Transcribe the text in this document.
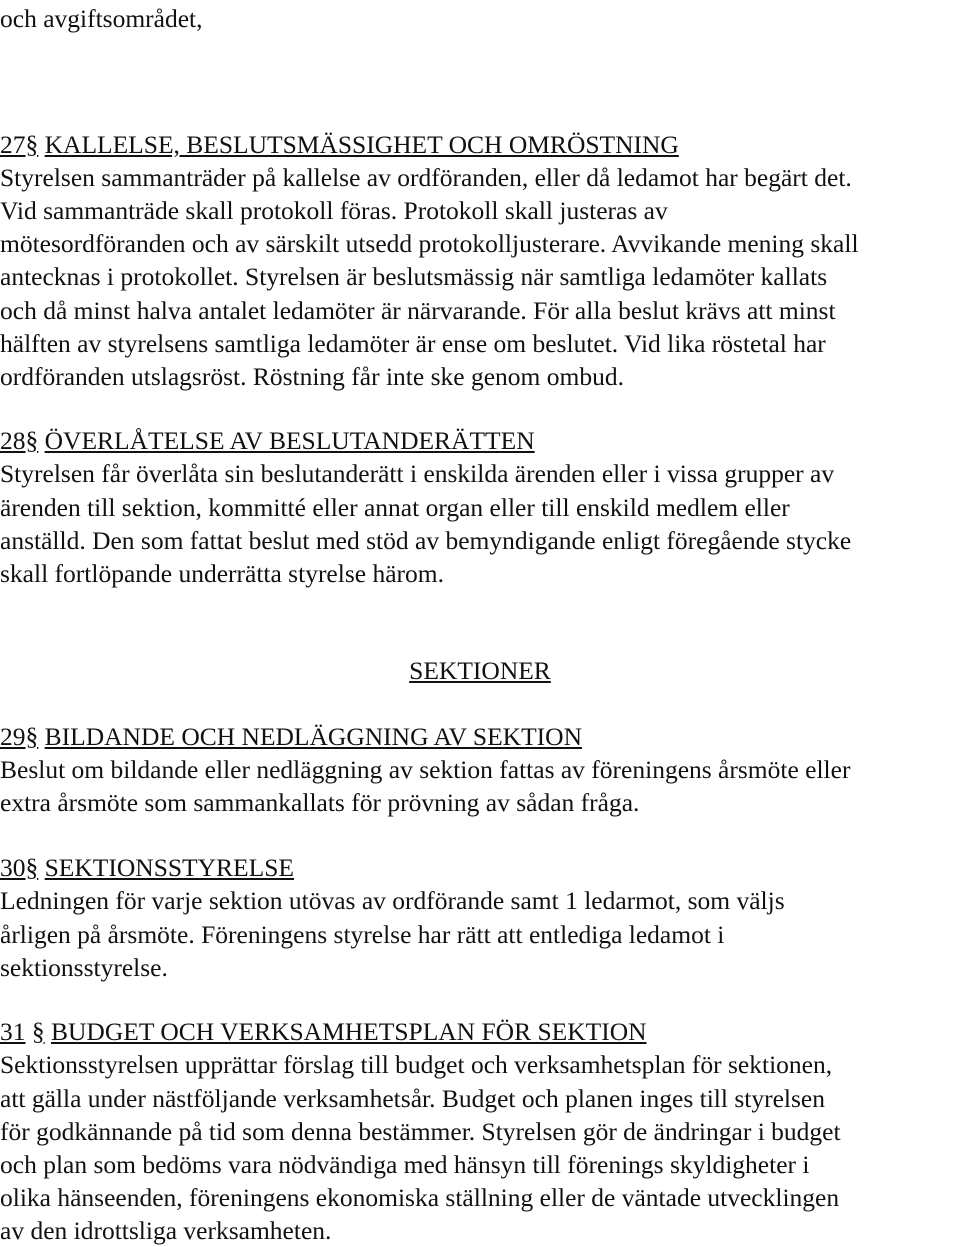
och avgiftsområdet,
27§ KALLELSE, BESLUTSMÄSSIGHET OCH OMRÖSTNING
Styrelsen sammanträder på kallelse av ordföranden, eller då ledamot har begärt det.
Vid sammanträde skall protokoll föras. Protokoll skall justeras av
mötesordföranden och av särskilt utsedd protokolljusterare. Avvikande mening skall
antecknas i protokollet. Styrelsen är beslutsmässig när samtliga ledamöter kallats
och då minst halva antalet ledamöter är närvarande. För alla beslut krävs att minst
hälften av styrelsens samtliga ledamöter är ense om beslutet. Vid lika röstetal har
ordföranden utslagsröst. Röstning får inte ske genom ombud.
28§ ÖVERLÅTELSE AV BESLUTANDERÄTTEN
Styrelsen får överlåta sin beslutanderätt i enskilda ärenden eller i vissa grupper av
ärenden till sektion, kommitté eller annat organ eller till enskild medlem eller
anställd. Den som fattat beslut med stöd av bemyndigande enligt föregående stycke
skall fortlöpande underrätta styrelse härom.
SEKTIONER
29§ BILDANDE OCH NEDLÄGGNING AV SEKTION
Beslut om bildande eller nedläggning av sektion fattas av föreningens årsmöte eller
extra årsmöte som sammankallats för prövning av sådan fråga.
30§ SEKTIONSSTYRELSE
Ledningen för varje sektion utövas av ordförande samt 1 ledarmot, som väljs
årligen på årsmöte. Föreningens styrelse har rätt att entlediga ledamot i
sektionsstyrelse.
31 § BUDGET OCH VERKSAMHETSPLAN FÖR SEKTION
Sektionsstyrelsen upprättar förslag till budget och verksamhetsplan för sektionen,
att gälla under nästföljande verksamhetsår. Budget och planen inges till styrelsen
för godkännande på tid som denna bestämmer. Styrelsen gör de ändringar i budget
och plan som bedöms vara nödvändiga med hänsyn till förenings skyldigheter i
olika hänseenden, föreningens ekonomiska ställning eller de väntade utvecklingen
av den idrottsliga verksamheten.
